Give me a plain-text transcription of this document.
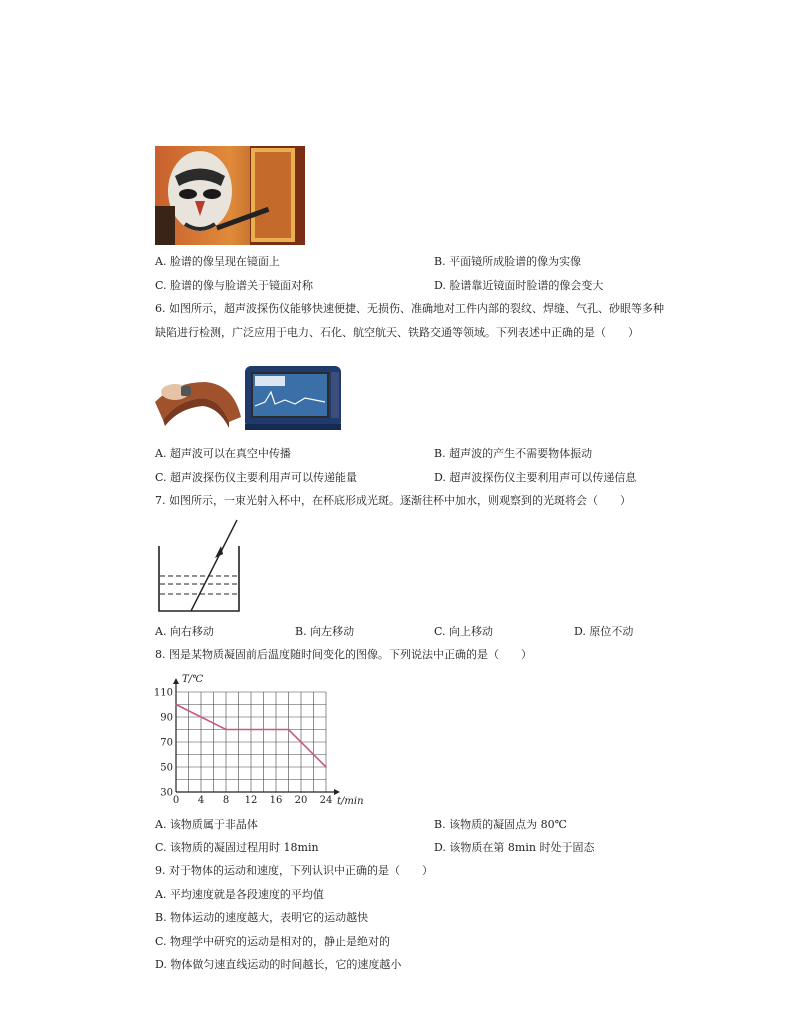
A. 脸谱的像呈现在镜面上	B. 平面镜所成脸谱的像为实像
C. 脸谱的像与脸谱关于镜面对称	D. 脸谱靠近镜面时脸谱的像会变大
6. 如图所示，超声波探伤仪能够快速便捷、无损伤、准确地对工件内部的裂纹、焊缝、气孔、砂眼等多种
缺陷进行检测，广泛应用于电力、石化、航空航天、铁路交通等领域。下列表述中正确的是（　　）
A. 超声波可以在真空中传播	B. 超声波的产生不需要物体振动
C. 超声波探伤仪主要利用声可以传递能量	D. 超声波探伤仪主要利用声可以传递信息
7. 如图所示，一束光射入杯中，在杯底形成光斑。逐渐往杯中加水，则观察到的光斑将会（　　）
A. 向右移动	B. 向左移动	C. 向上移动	D. 原位不动
8. 图是某物质凝固前后温度随时间变化的图像。下列说法中正确的是（　　）
0 4 8 12 16 20 24
30
50
70
90
110
T/℃
t/min
A. 该物质属于非晶体	B. 该物质的凝固点为 80℃
C. 该物质的凝固过程用时 18min	D. 该物质在第 8min 时处于固态
9. 对于物体的运动和速度，下列认识中正确的是（　　）
A. 平均速度就是各段速度的平均值
B. 物体运动的速度越大，表明它的运动越快
C. 物理学中研究的运动是相对的，静止是绝对的
D. 物体做匀速直线运动的时间越长，它的速度越小
